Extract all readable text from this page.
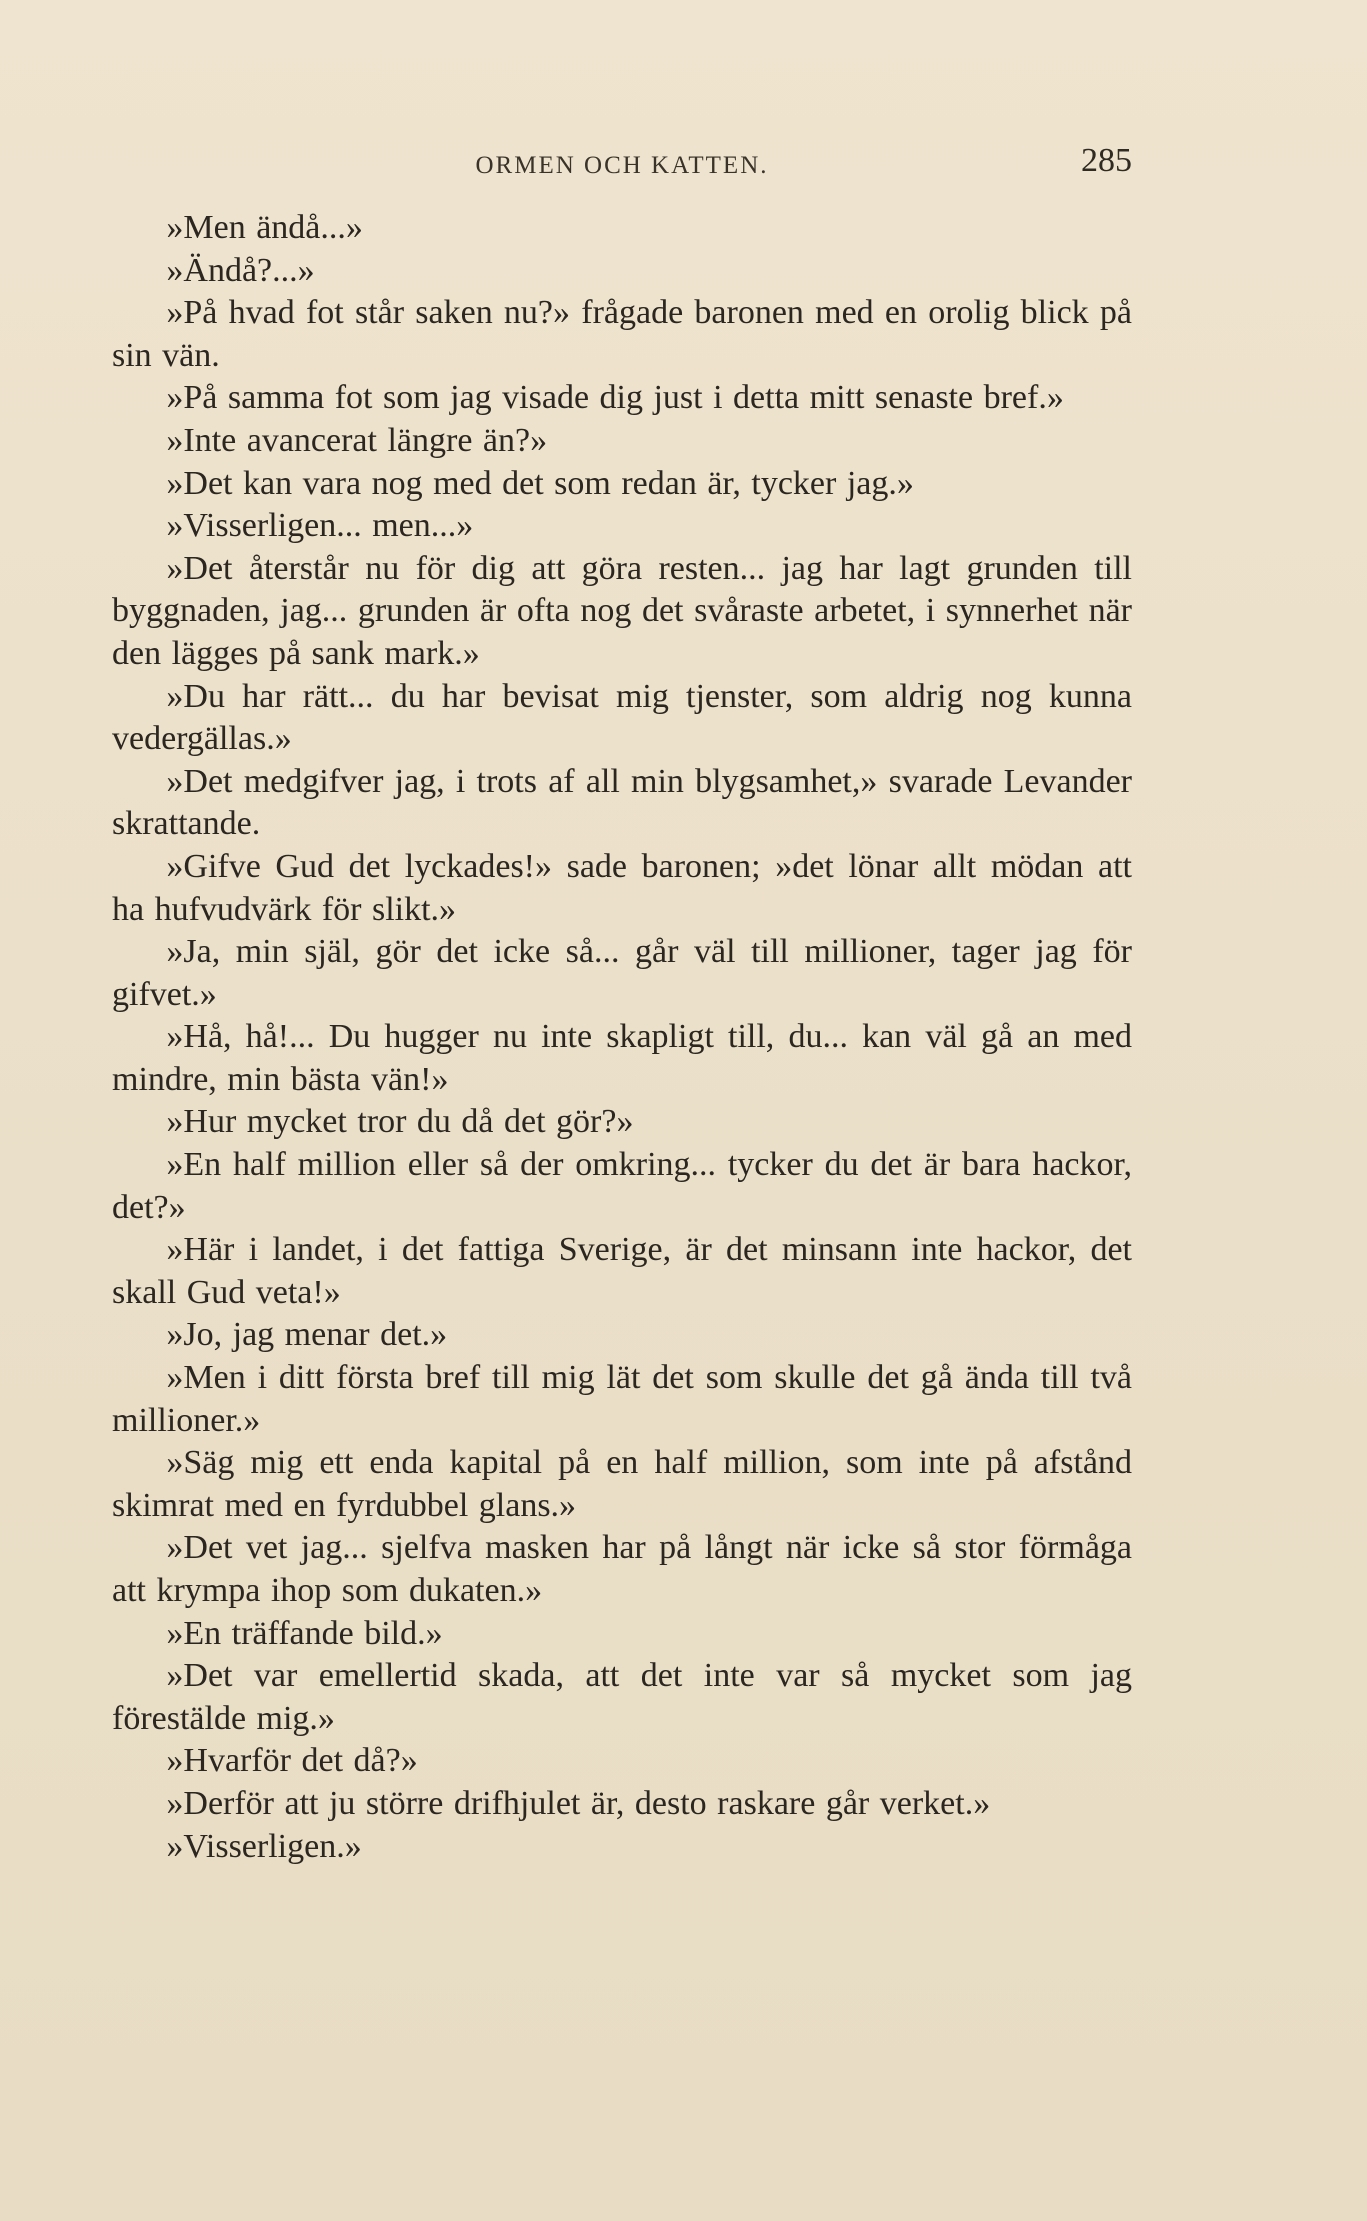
ORMEN OCH KATTEN.	285

»Men ändå...»

»Ändå?...»

»På hvad fot står saken nu?» frågade baronen med en orolig blick på sin vän.

»På samma fot som jag visade dig just i detta mitt senaste bref.»

»Inte avancerat längre än?»

»Det kan vara nog med det som redan är, tycker jag.»

»Visserligen... men...»

»Det återstår nu för dig att göra resten... jag har lagt grunden till byggnaden, jag... grunden är ofta nog det svåraste arbetet, i synnerhet när den lägges på sank mark.»

»Du har rätt... du har bevisat mig tjenster, som aldrig nog kunna vedergällas.»

»Det medgifver jag, i trots af all min blygsamhet,» svarade Levander skrattande.

»Gifve Gud det lyckades!» sade baronen; »det lönar allt mödan att ha hufvudvärk för slikt.»

»Ja, min själ, gör det icke så... går väl till millioner, tager jag för gifvet.»

»Hå, hå!... Du hugger nu inte skapligt till, du... kan väl gå an med mindre, min bästa vän!»

»Hur mycket tror du då det gör?»

»En half million eller så der omkring... tycker du det är bara hackor, det?»

»Här i landet, i det fattiga Sverige, är det minsann inte hackor, det skall Gud veta!»

»Jo, jag menar det.»

»Men i ditt första bref till mig lät det som skulle det gå ända till två millioner.»

»Säg mig ett enda kapital på en half million, som inte på afstånd skimrat med en fyrdubbel glans.»

»Det vet jag... sjelfva masken har på långt när icke så stor förmåga att krympa ihop som dukaten.»

»En träffande bild.»

»Det var emellertid skada, att det inte var så mycket som jag förestälde mig.»

»Hvarför det då?»

»Derför att ju större drifhjulet är, desto raskare går verket.»

»Visserligen.»
